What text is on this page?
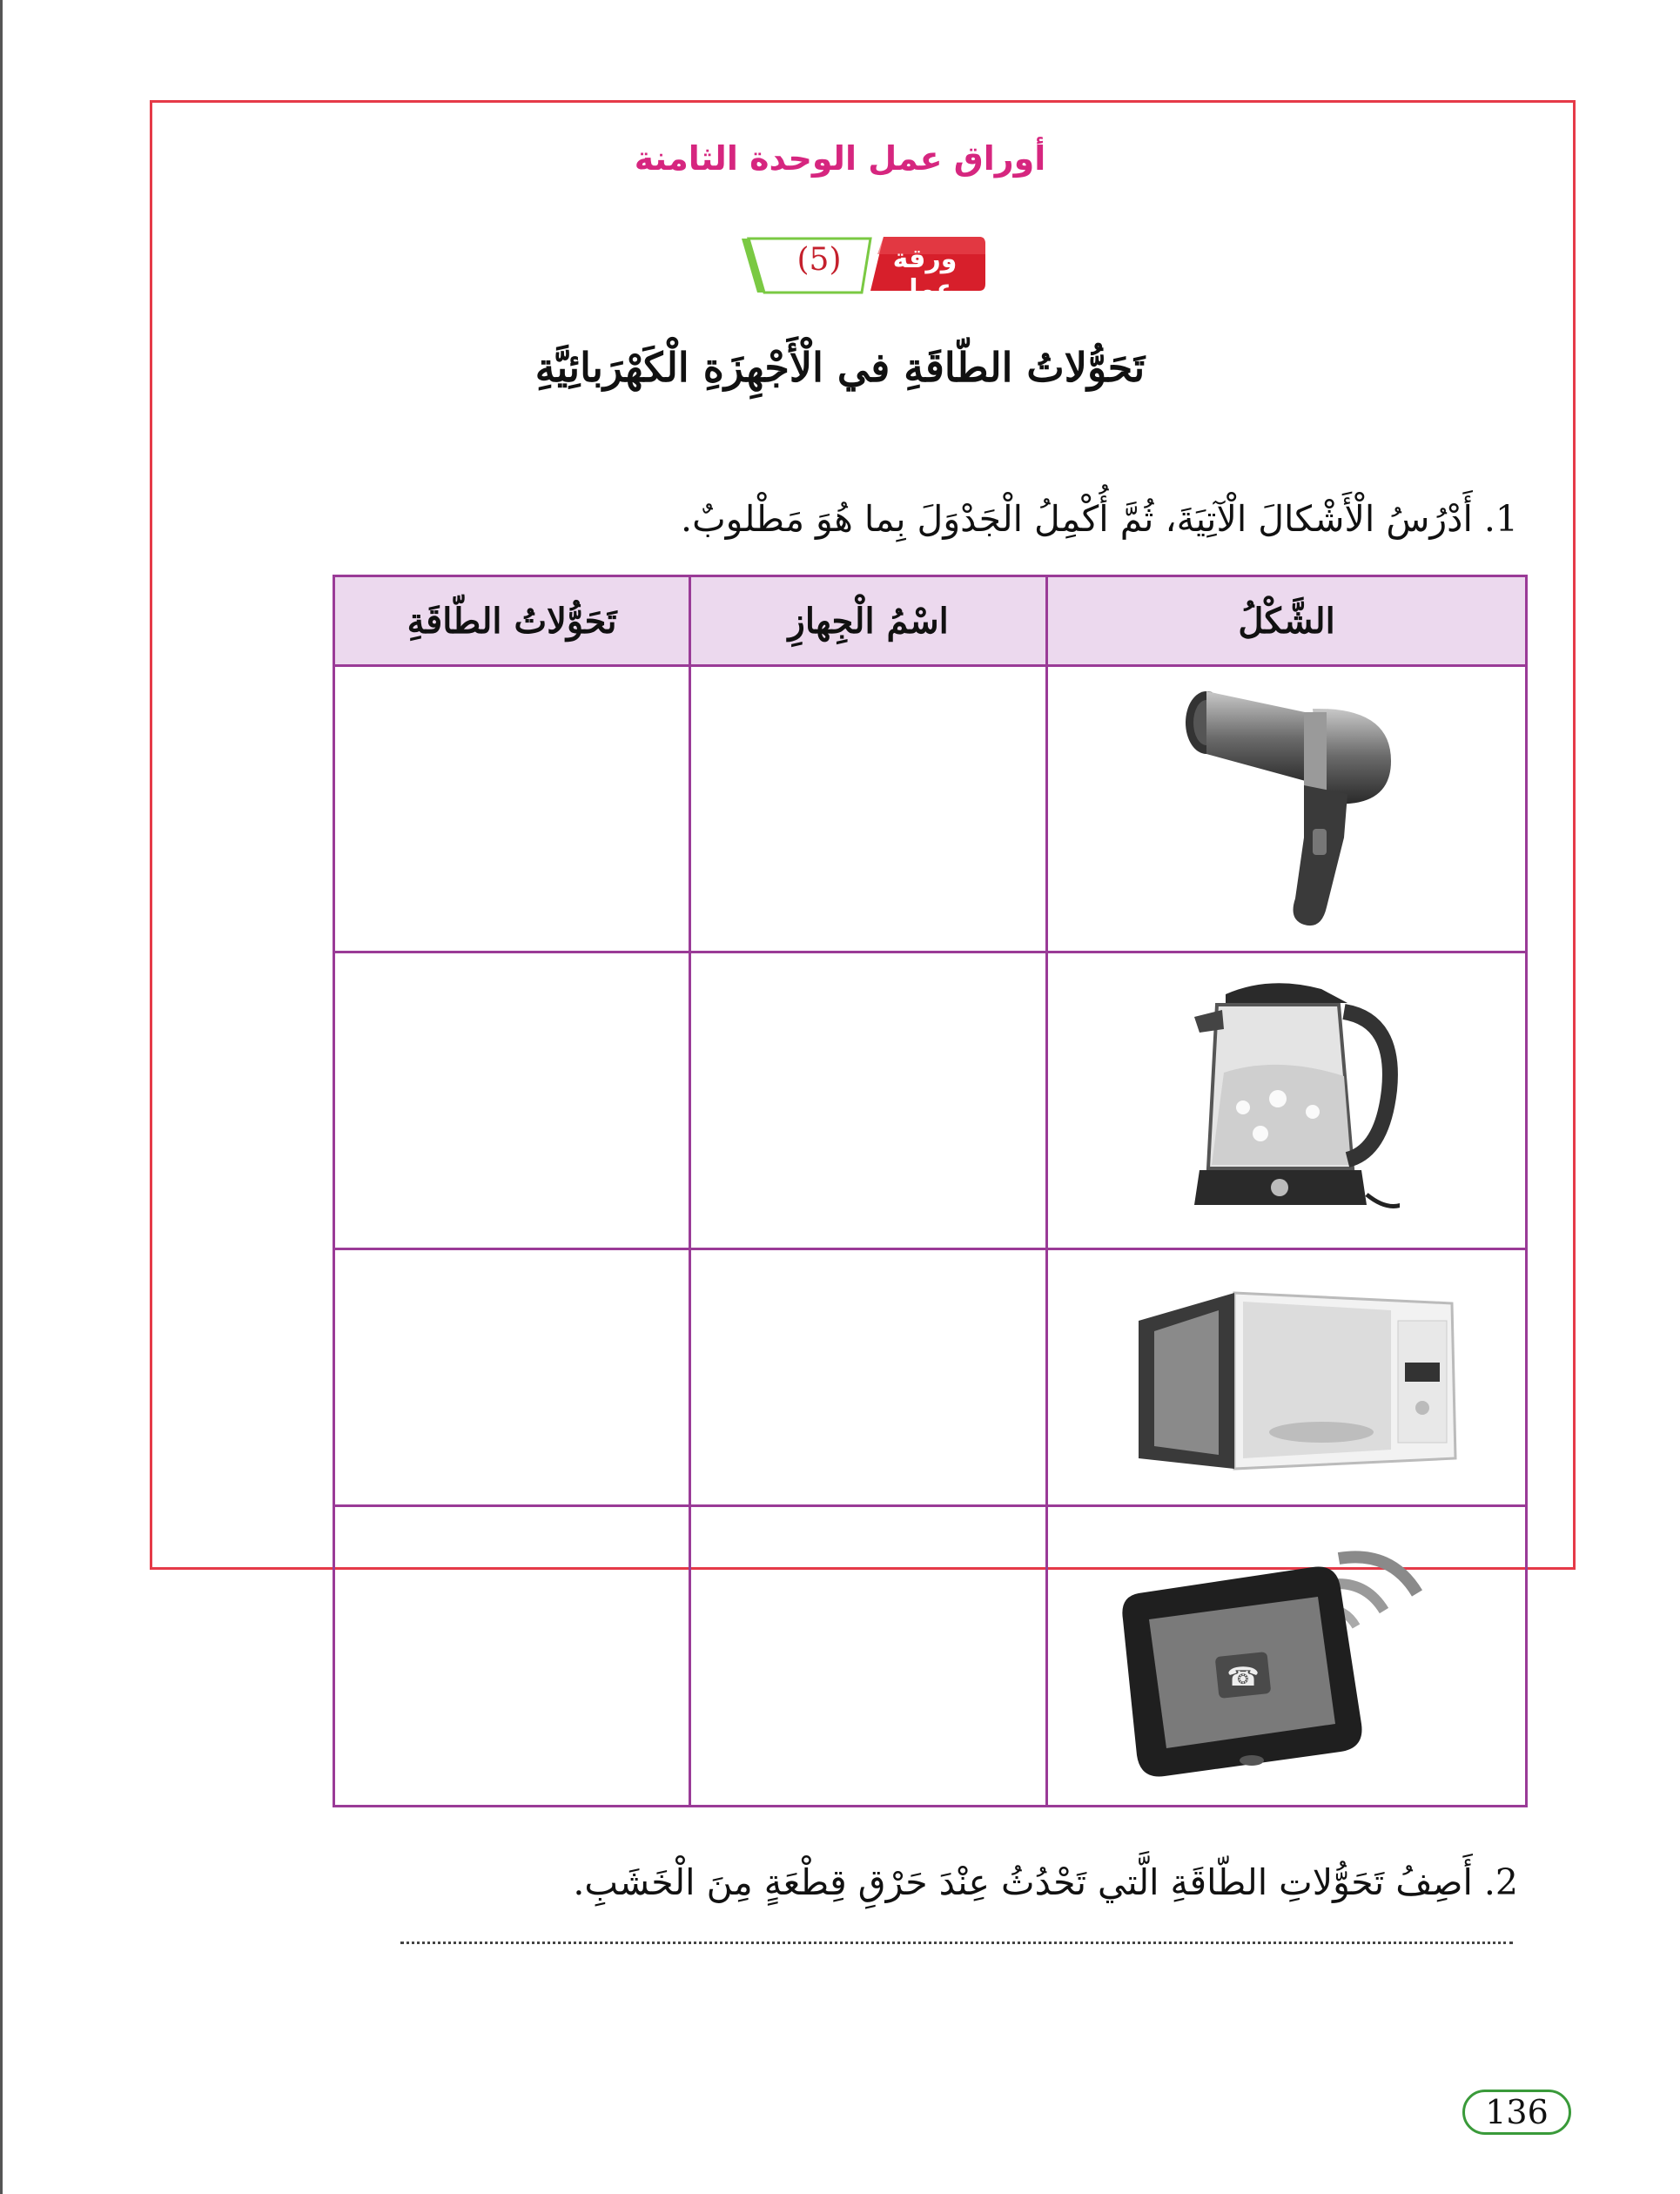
أوراق عمل الوحدة الثامنة
(5)	ورقة عمل
تَحَوُّلاتُ الطّاقَةِ في الْأَجْهِزَةِ الْكَهْرَبائِيَّةِ
1. أَدْرُسُ الْأَشْكالَ الْآتِيَةَ، ثُمَّ أُكْمِلُ الْجَدْوَلَ بِما هُوَ مَطْلوبٌ.
الشَّكْلُ	اسْمُ الْجِهازِ	تَحَوُّلاتُ الطّاقَةِ

☎		

2. أَصِفُ تَحَوُّلاتِ الطّاقَةِ الَّتي تَحْدُثُ عِنْدَ حَرْقِ قِطْعَةٍ مِنَ الْخَشَبِ.
136
